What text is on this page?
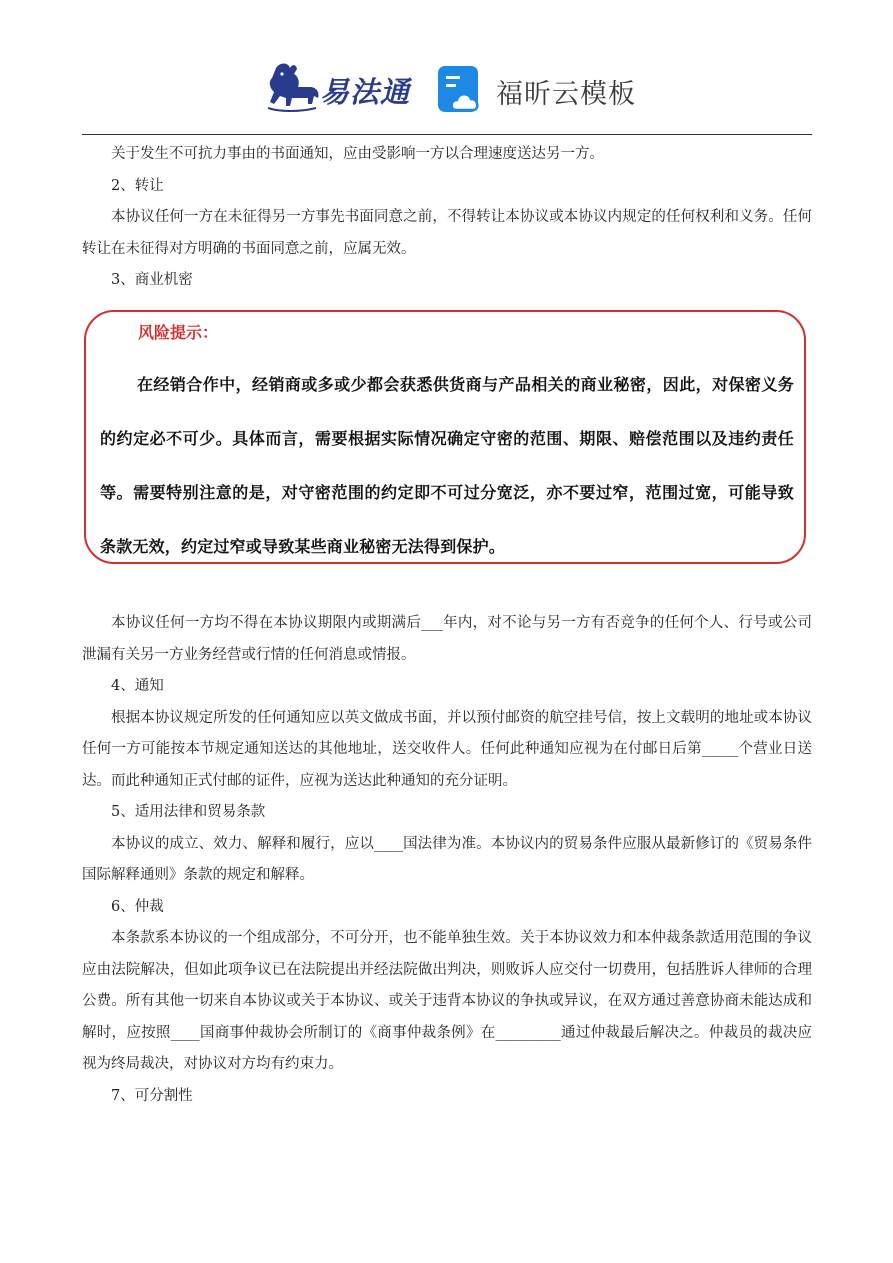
易法通	福昕云模板

关于发生不可抗力事由的书面通知，应由受影响一方以合理速度送达另一方。

2、转让

本协议任何一方在未征得另一方事先书面同意之前，不得转让本协议或本协议内规定的任何权利和义务。任何转让在未征得对方明确的书面同意之前，应属无效。

3、商业机密

风险提示：
在经销合作中，经销商或多或少都会获悉供货商与产品相关的商业秘密，因此，对保密义务的约定必不可少。具体而言，需要根据实际情况确定守密的范围、期限、赔偿范围以及违约责任等。需要特别注意的是，对守密范围的约定即不可过分宽泛，亦不要过窄，范围过宽，可能导致条款无效，约定过窄或导致某些商业秘密无法得到保护。

本协议任何一方均不得在本协议期限内或期满后___年内，对不论与另一方有否竞争的任何个人、行号或公司泄漏有关另一方业务经营或行情的任何消息或情报。

4、通知

根据本协议规定所发的任何通知应以英文做成书面，并以预付邮资的航空挂号信，按上文载明的地址或本协议任何一方可能按本节规定通知送达的其他地址，送交收件人。任何此种通知应视为在付邮日后第_____个营业日送达。而此种通知正式付邮的证件，应视为送达此种通知的充分证明。

5、适用法律和贸易条款

本协议的成立、效力、解释和履行，应以____国法律为准。本协议内的贸易条件应服从最新修订的《贸易条件国际解释通则》条款的规定和解释。

6、仲裁

本条款系本协议的一个组成部分，不可分开，也不能单独生效。关于本协议效力和本仲裁条款适用范围的争议应由法院解决，但如此项争议已在法院提出并经法院做出判决，则败诉人应交付一切费用，包括胜诉人律师的合理公费。所有其他一切来自本协议或关于本协议、或关于违背本协议的争执或异议，在双方通过善意协商未能达成和解时，应按照____国商事仲裁协会所制订的《商事仲裁条例》在_________通过仲裁最后解决之。仲裁员的裁决应视为终局裁决，对协议对方均有约束力。

7、可分割性
